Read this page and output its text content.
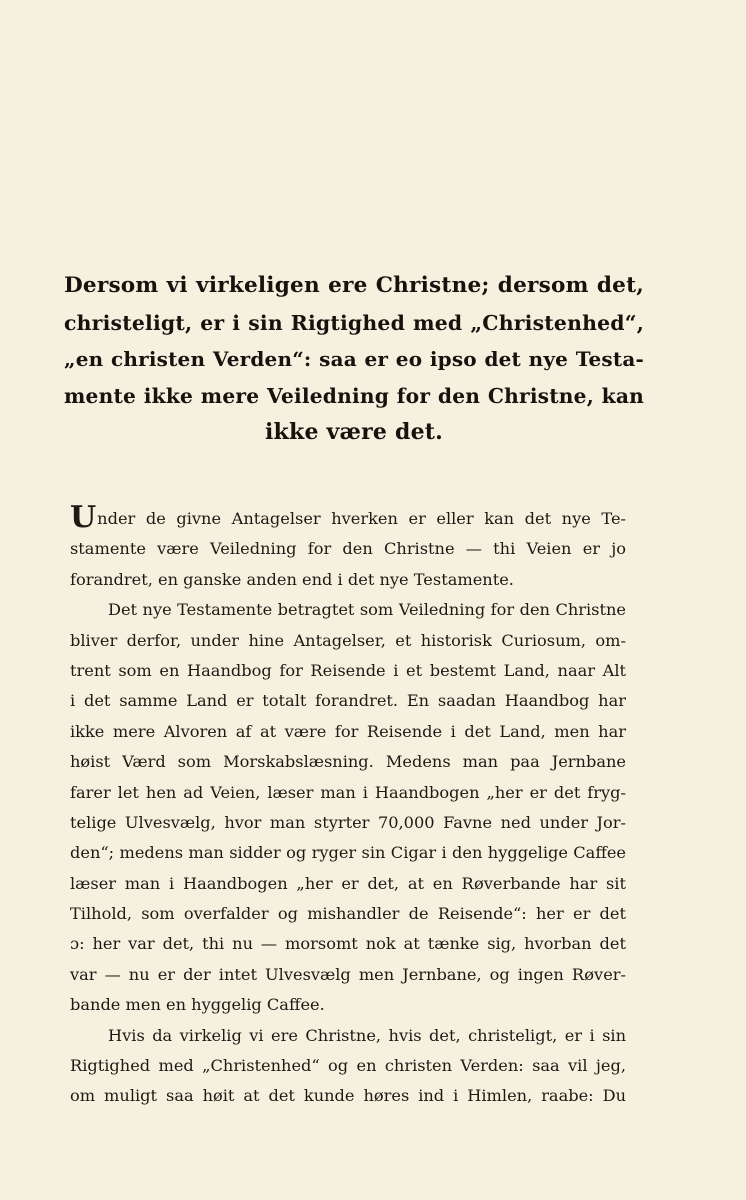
Dersom vi virkeligen ere Christne; dersom det,
christeligt, er i sin Rigtighed med „Christenhed“,
„en christen Verden“: saa er eo ipso det nye Testa-
mente ikke mere Veiledning for den Christne, kan
ikke være det.
Under de givne Antagelser hverken er eller kan det nye Te-
stamente være Veiledning for den Christne — thi Veien er jo
forandret, en ganske anden end i det nye Testamente.
Det nye Testamente betragtet som Veiledning for den Christne
bliver derfor, under hine Antagelser, et historisk Curiosum, om-
trent som en Haandbog for Reisende i et bestemt Land, naar Alt
i det samme Land er totalt forandret. En saadan Haandbog har
ikke mere Alvoren af at være for Reisende i det Land, men har
høist Værd som Morskabslæsning. Medens man paa Jernbane
farer let hen ad Veien, læser man i Haandbogen „her er det fryg-
telige Ulvesvælg, hvor man styrter 70,000 Favne ned under Jor-
den“; medens man sidder og ryger sin Cigar i den hyggelige Caffee
læser man i Haandbogen „her er det, at en Røverbande har sit
Tilhold, som overfalder og mishandler de Reisende“: her er det
ɔ: her var det, thi nu — morsomt nok at tænke sig, hvorban det
var — nu er der intet Ulvesvælg men Jernbane, og ingen Røver-
bande men en hyggelig Caffee.
Hvis da virkelig vi ere Christne, hvis det, christeligt, er i sin
Rigtighed med „Christenhed“ og en christen Verden: saa vil jeg,
om muligt saa høit at det kunde høres ind i Himlen, raabe: Du
